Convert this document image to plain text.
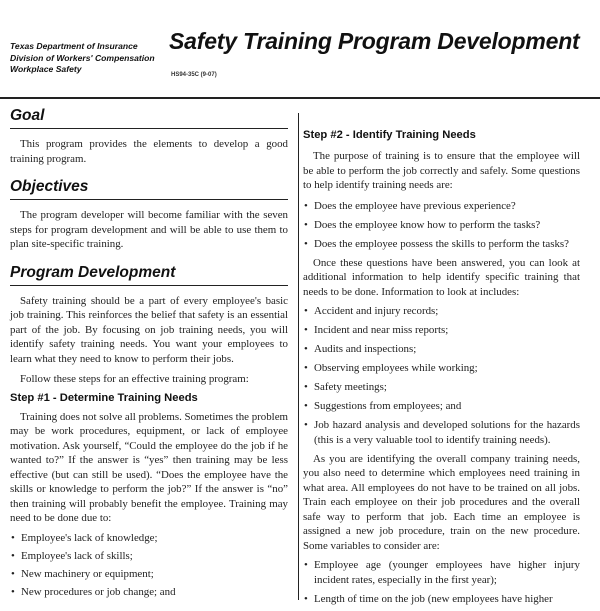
Texas Department of Insurance
Division of Workers' Compensation
Workplace Safety
Safety Training Program Development
HS94-35C (9-07)
Goal

This program provides the elements to develop a good training program.

Objectives

The program developer will become familiar with the seven steps for program development and will be able to use them to plan site-specific training.

Program Development

Safety training should be a part of every employee's basic job training. This reinforces the belief that safety is an essential part of the job. By focusing on job training needs, you will identify safety training needs. You want your employees to learn what they need to know to perform their jobs.

Follow these steps for an effective training program:

Step #1 - Determine Training Needs

Training does not solve all problems. Sometimes the problem may be work procedures, equipment, or lack of employee motivation. Ask yourself, “Could the employee do the job if he wanted to?” If the answer is “yes” then training may be less effective (but can still be used). “Does the employee have the skills or knowledge to perform the job?” If the answer is “no” then training will probably benefit the employee. Training may need to be done due to:

• Employee's lack of knowledge;
• Employee's lack of skills;
• New machinery or equipment;
• New procedures or job change; and
Step #2 - Identify Training Needs

The purpose of training is to ensure that the employee will be able to perform the job correctly and safely. Some questions to help identify training needs are:

• Does the employee have previous experience?
• Does the employee know how to perform the tasks?
• Does the employee possess the skills to perform the tasks?

Once these questions have been answered, you can look at additional information to help identify specific training that needs to be done. Information to look at includes:

• Accident and injury records;
• Incident and near miss reports;
• Audits and inspections;
• Observing employees while working;
• Safety meetings;
• Suggestions from employees; and
• Job hazard analysis and developed solutions for the hazards (this is a very valuable tool to identify training needs).

As you are identifying the overall company training needs, you also need to determine which employees need training in what area. All employees do not have to be trained on all jobs. Train each employee on their job procedures and the overall safe way to perform that job. Each time an employee is assigned a new job procedure, train on the new procedure. Some variables to consider are:

• Employee age (younger employees have higher injury incident rates, especially in the first year);
• Length of time on the job (new employees have higher
